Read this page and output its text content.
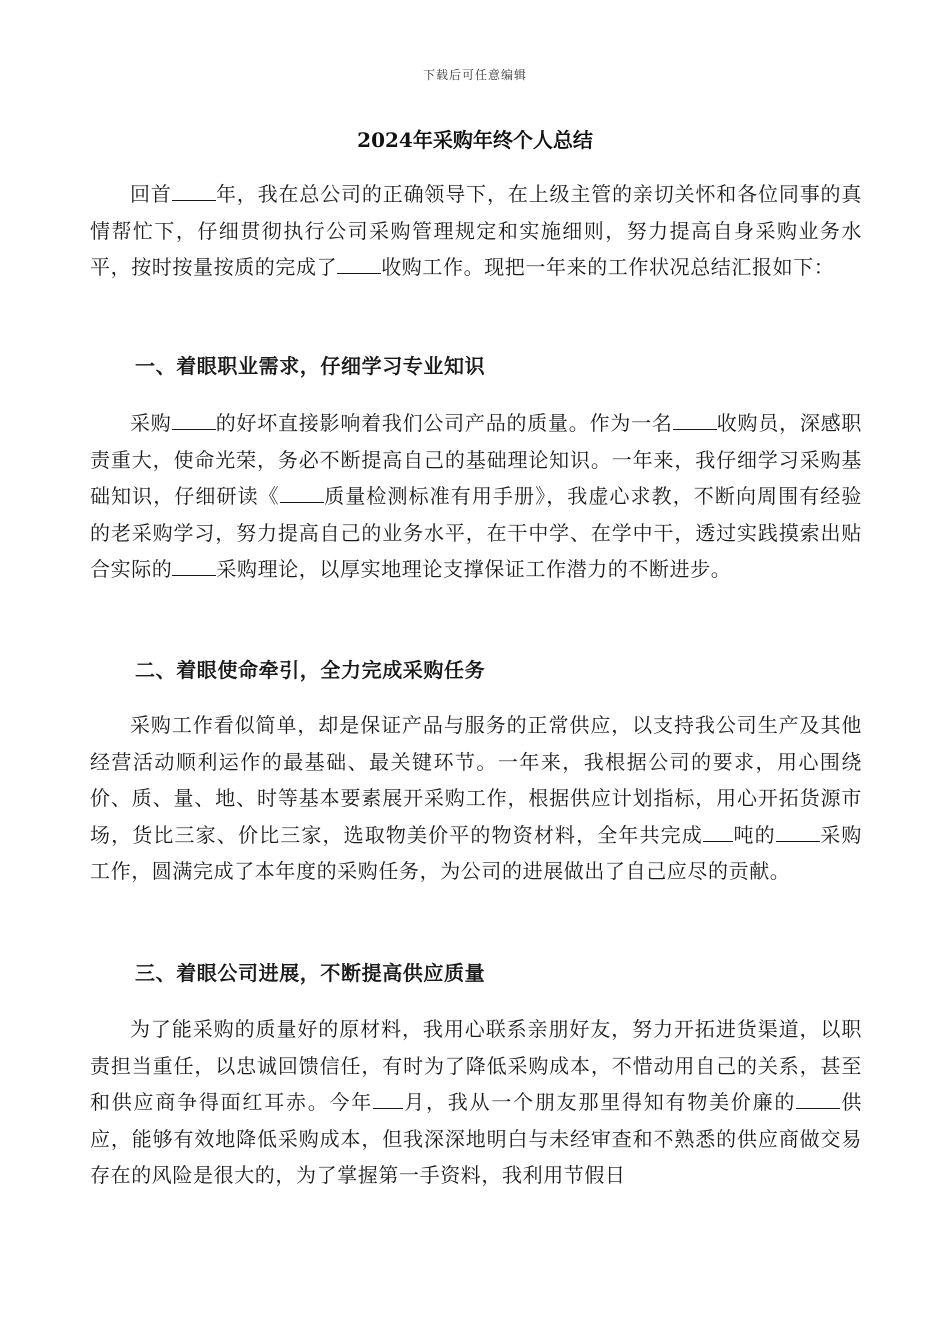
下载后可任意编辑
2024年采购年终个人总结

回首 年，我在总公司的正确领导下，在上级主管的亲切关怀和各位同事的真情帮忙下，仔细贯彻执行公司采购管理规定和实施细则，努力提高自身采购业务水平，按时按量按质的完成了 收购工作。现把一年来的工作状况总结汇报如下：

一、着眼职业需求，仔细学习专业知识

采购 的好坏直接影响着我们公司产品的质量。作为一名 收购员，深感职责重大，使命光荣，务必不断提高自己的基础理论知识。一年来，我仔细学习采购基础知识，仔细研读《 质量检测标准有用手册》，我虚心求教，不断向周围有经验的老采购学习，努力提高自己的业务水平，在干中学、在学中干，透过实践摸索出贴合实际的 采购理论，以厚实地理论支撑保证工作潜力的不断进步。

二、着眼使命牵引，全力完成采购任务

采购工作看似简单，却是保证产品与服务的正常供应，以支持我公司生产及其他经营活动顺利运作的最基础、最关键环节。一年来，我根据公司的要求，用心围绕价、质、量、地、时等基本要素展开采购工作，根据供应计划指标，用心开拓货源市场，货比三家、价比三家，选取物美价平的物资材料，全年共完成 吨的 采购工作，圆满完成了本年度的采购任务，为公司的进展做出了自己应尽的贡献。

三、着眼公司进展，不断提高供应质量

为了能采购的质量好的原材料，我用心联系亲朋好友，努力开拓进货渠道，以职责担当重任，以忠诚回馈信任，有时为了降低采购成本，不惜动用自己的关系，甚至和供应商争得面红耳赤。今年 月，我从一个朋友那里得知有物美价廉的 供应，能够有效地降低采购成本，但我深深地明白与未经审查和不熟悉的供应商做交易存在的风险是很大的，为了掌握第一手资料，我利用节假日
